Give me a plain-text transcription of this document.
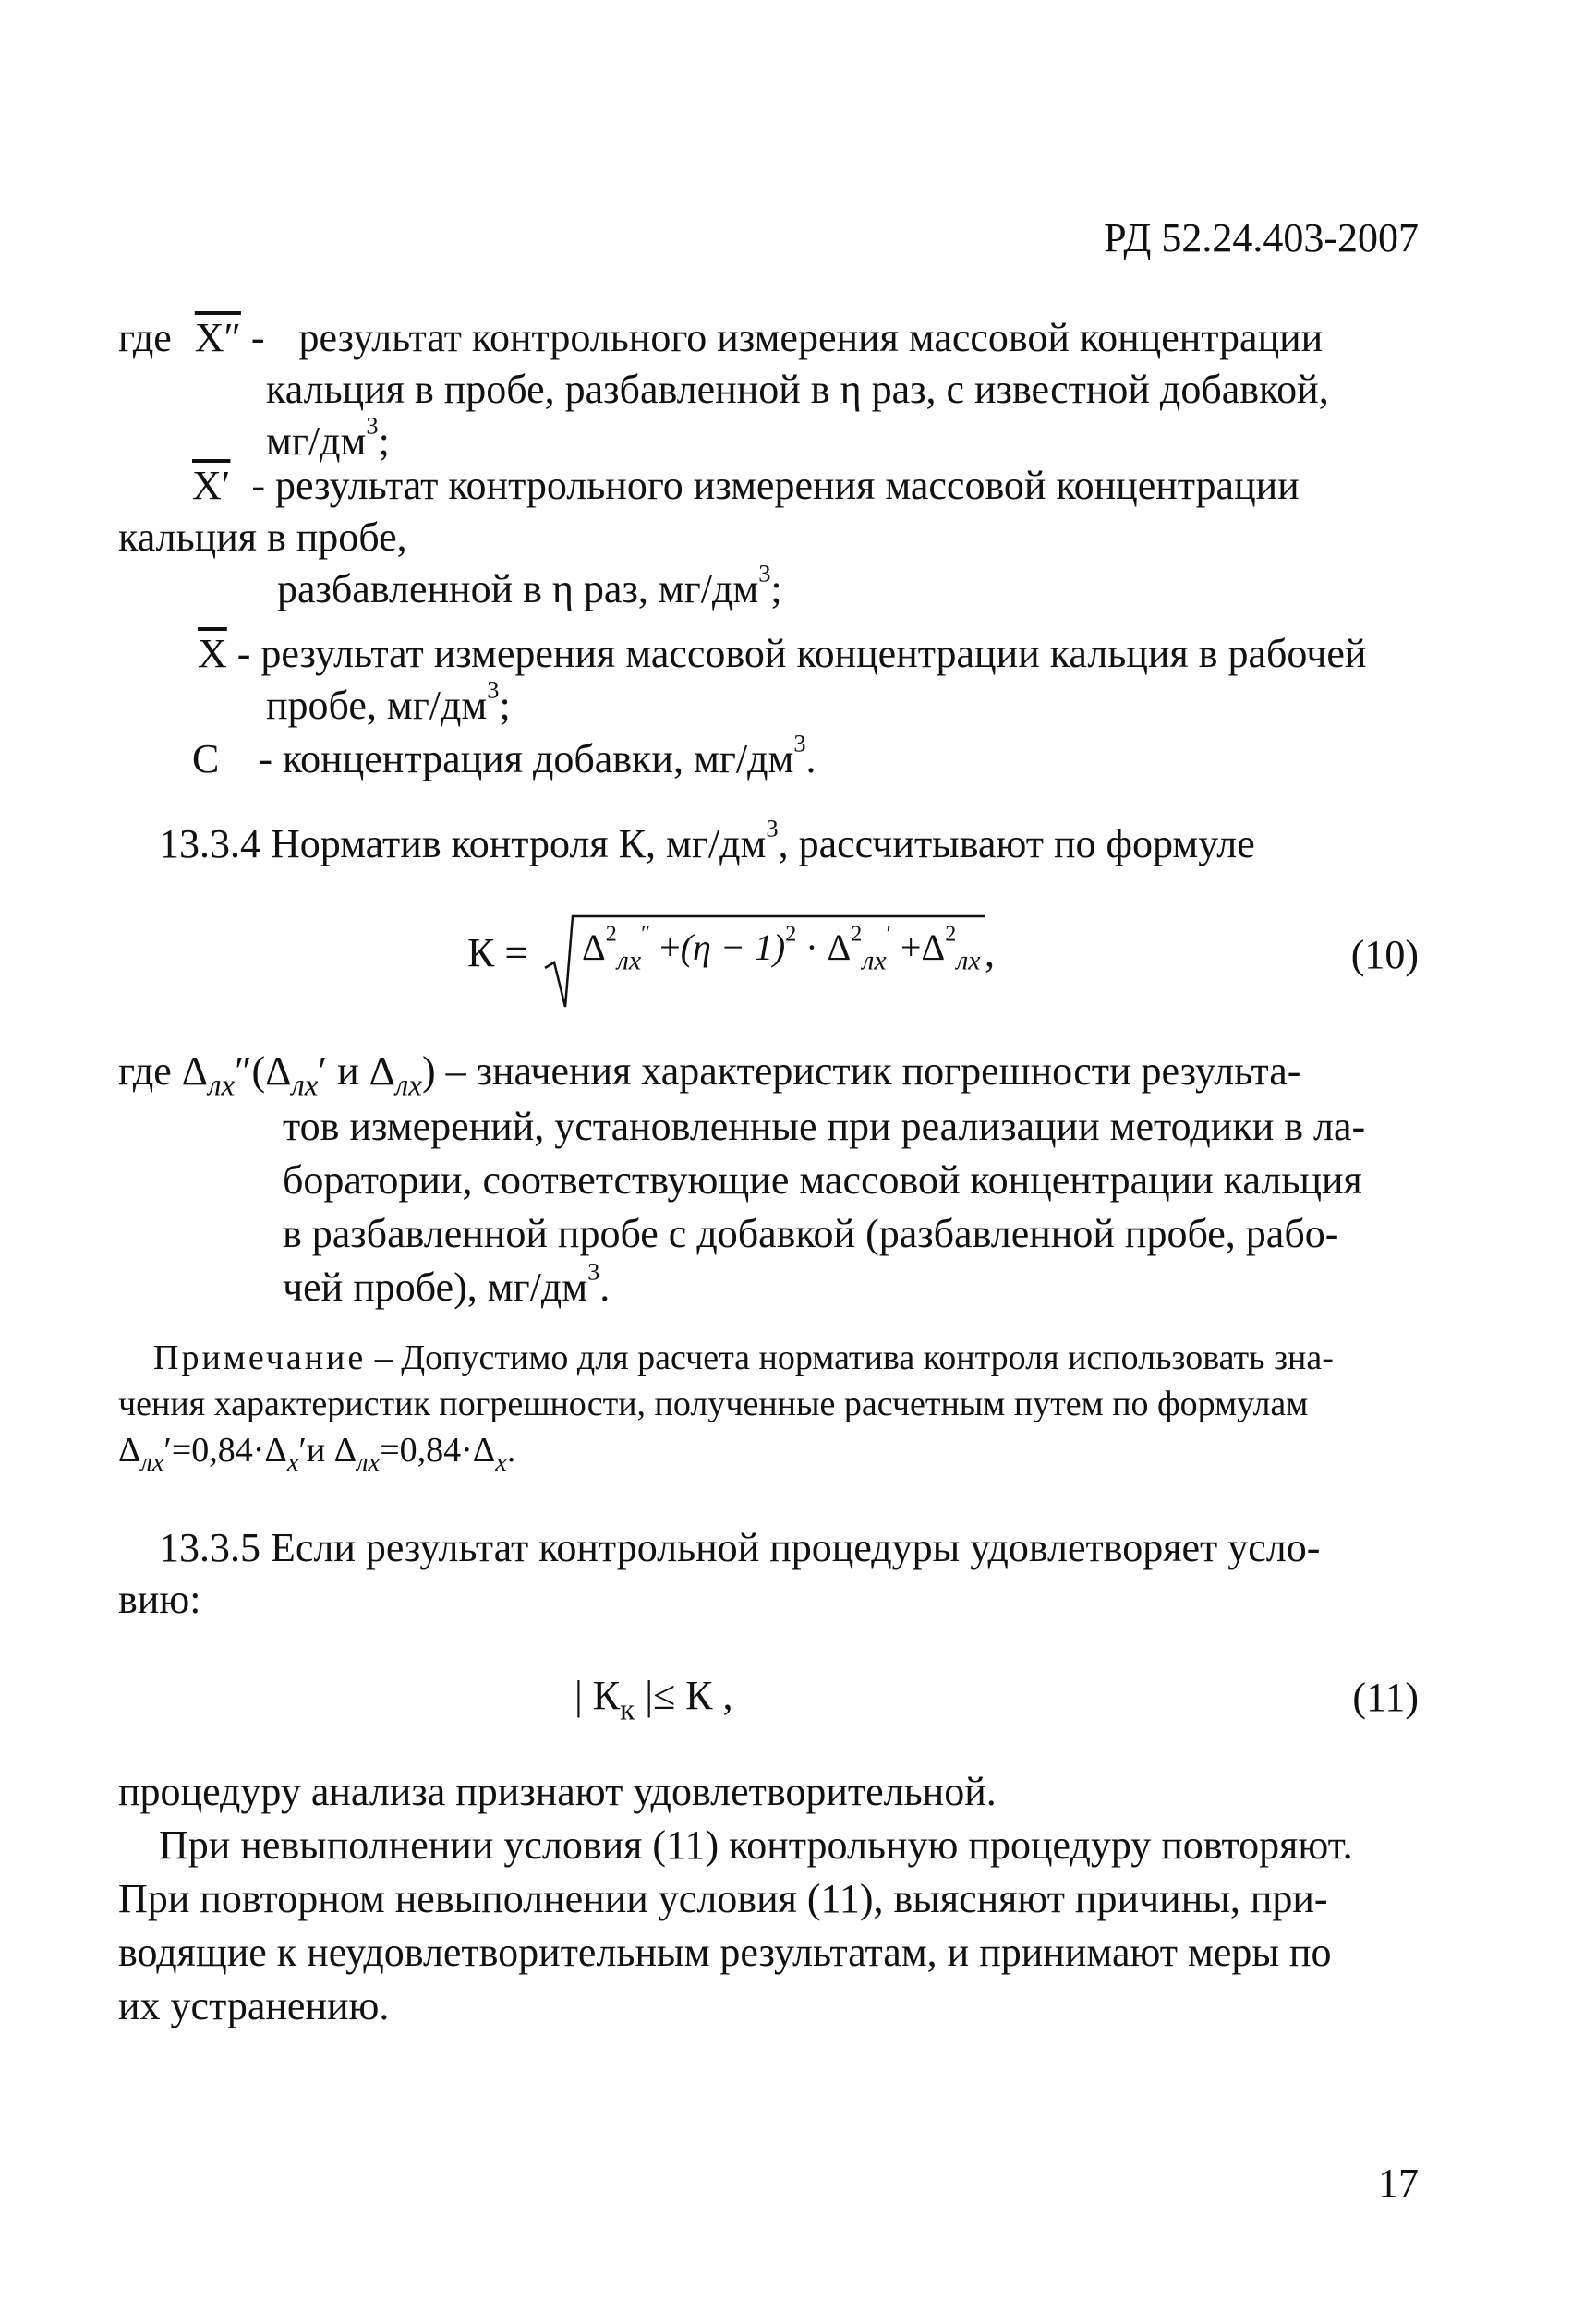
РД 52.24.403-2007
где X″ - результат контрольного измерения массовой концентрации
кальция в пробе, разбавленной в η раз, с известной добавкой,
$мг/дм^3$;
X′ - результат контрольного измерения массовой концентрации
кальция в пробе,
разбавленной в η раз, $мг/дм^3$;
$\overline{X}$ - результат измерения массовой концентрации кальция в рабочей
пробе, $мг/дм^3$;
С - концентрация добавки, $мг/дм^3$.
13.3.4 Норматив контроля К, $мг/дм^3$, рассчитывают по формуле
$К = \Delta^2_{лх}'' +(\eta - 1)^2 \cdot \Delta^2_{лх}' +\Delta^2_{лх}$ ,	(10)
где $\Delta_{лх}''(\Delta_{лх}'$ и $\Delta_{лх}$) – значения характеристик погрешности результа-
тов измерений, установленные при реализации методики в ла-
боратории, соответствующие массовой концентрации кальция
в разбавленной пробе с добавкой (разбавленной пробе, рабо-
чей пробе), $мг/дм^3$.
Примечание – Допустимо для расчета норматива контроля использовать зна-
чения характеристик погрешности, полученные расчетным путем по формулам
$\Delta_{лх}'=0,84\cdot\Delta_х'и$ $\Delta_{лх}=0,84\cdot\Delta_х$.
13.3.5 Если результат контрольной процедуры удовлетворяет усло-
вию:
| $К_к$ |≤ К ,	(11)
процедуру анализа признают удовлетворительной.
При невыполнении условия (11) контрольную процедуру повторяют.
При повторном невыполнении условия (11), выясняют причины, при-
водящие к неудовлетворительным результатам, и принимают меры по
их устранению.
17
